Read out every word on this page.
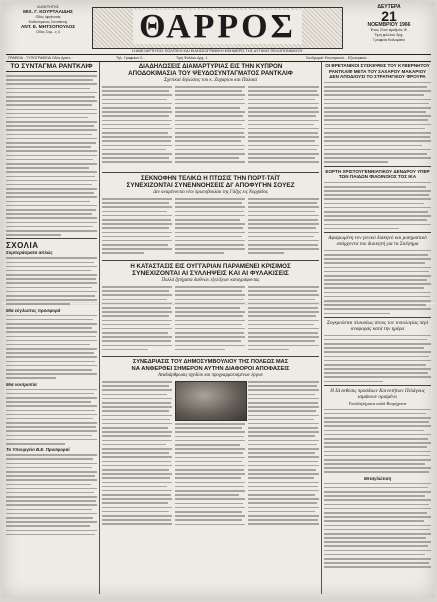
ΙΔΙΟΚΤΗΤΗΣ
ΜΙΧ. Γ. ΚΟΥΡΤΑΛΙΔΗΣ
Οδός Ιφιγένειας
Ευθυνόμενος Συντάκτης
ΑΝΤ. Ε. ΜΗΤΣΟΠΟΥΛΟΣ
Οδός Συμ...ς 4	ΘΑΡΡΟΣ
ΔΕΥΤΕΡΑ
21
ΝΟΕΜΒΡΙΟΥ 1966
Έτος 21ον Αριθμός Φ.
Τιμή φύλλου δρχ.
Γραφεία Καλαμάτα
Η ΑΝΕΞΑΡΤΗΤΟΣ ΠΟΛΙΤΙΚΗ ΚΑΙ ΕΙΔΗΣΕΟΓΡΑΦΙΚΗ ΕΦΗΜΕΡΙΣ ΤΗΣ ΔΥΤΙΚΗΣ ΠΕΛΟΠΟΝΝΗΣΟΥ
ΓΡΑΦΕΙΑ - ΤΥΠΟΓΡΑΦΕΙΑ Οδός Αρίστ...	Τηλ. Γραφείων 2...	Τιμή Φύλλου Δρχ. 1	Συνδρομαί: Εσωτερικού... Εξωτερικού...
ΤΟ ΣΥΝΤΑΓΜΑ ΡΑΝΤΚΛΙΦ
ΣΧΟΛΙΑ
Συμπεράσματα απλώς
Μία εύγλωττος προσφορά
Μια νοοτροπία
Το Υπουργείο Β.Ε. Προσφοραί
ΔΙΑΔΗΛΩΣΕΙΣ ΔΙΑΜΑΡΤΥΡΙΑΣ ΕΙΣ ΤΗΝ ΚΥΠΡΟΝ
ΑΠΟΔΟΚΙΜΑΣΙΑ ΤΟΥ ΨΕΥΔΟΣΥΝΤΑΓΜΑΤΟΣ ΡΑΝΤΚΛΙΦ
Σχετικαί δηλώσεις του κ. Ζαχαρίου και Παλαιά
ΣΕΚΝΟΦΗΝ ΤΕΛΙΚΩ Η ΠΤΩΣΙΣ ΤΗΝ ΠΟΡΤ-ΤΑΪΤ
ΣΥΝΕΧΙΖΟΝΤΑΙ ΣΥΝΕΝΝΟΗΣΕΙΣ ΔΙ' ΑΠΟΦΥΓΗΝ ΣΟΥΕΖ
Δεν αναμένονται νέοι πρωτοβουλίαι της Γάζης εις Νορχάδος
Η ΚΑΤΑΣΤΑΣΙΣ ΕΙΣ ΟΥΓΓΑΡΙΑΝ ΠΑΡΑΜΕΝΕΙ ΚΡΙΣΙΜΟΣ
ΣΥΝΕΧΙΖΟΝΤΑΙ ΑΙ ΣΥΛΛΗΨΕΙΣ ΚΑΙ ΑΙ ΦΥΛΑΚΙΣΕΙΣ
Πολλά ζητήματα διεθνών εξελίξεων καταγράφοντας
ΣΥΝΕΔΡΙΑΣΙΣ ΤΟΥ ΔΗΜΟΣΥΜΒΟΥΛΙΟΥ ΤΗΣ ΠΟΛΕΩΣ ΜΑΣ
ΝΑ ΑΝΦΕΡΘΕΙ ΣΗΜΕΡΟΝ ΑΥΤΗΝ ΔΙΑΦΟΡΟΙ ΑΠΟΦΑΣΕΙΣ
Αναδιάρθρωσις σχεδίου και προγραμματισμένων έργων
ΟΙ ΒΡΕΤΑΝΙΚΟΙ ΣΥΣΚΕΨΕΙΣ ΤΟΥ ΚΥΒΕΡΝΗΤΟΥ ΡΑΝΤΚΛΙΦ ΜΕΤΑ ΤΟΥ ΣΑΧΑΡΟΥ ΜΑΚΑΡΙΟΥ ΔΕΝ ΑΠΟΔΙΟΥΣΙ ΤΟ ΣΤΡΑΤΗΓΙΚΟΥ ΦΡΟΥΡΑ
ΕΟΡΤΗ ΧΡΙΣΤΟΥΓΕΝΝΙΑΤΙΚΟΥ ΔΕΝΔΡΟΥ ΥΠΕΡ ΤΩΝ ΠΑΙΔΩΝ ΦΙΛΟΙΝΟΙΟΣ ΤΟΣ ΙΚΑ
Αφιερωμένη τον γενικό δισκηνό και μισηριστικό υπάρχοντα του διοικητή για τα Σκέψημα
Συγκρούεται πλουσίως στους τον τοπολογίας περί αναφοράς κατά την ημέρα
Η ΙΔ εκθεσις προσδιων Κοινοτήτων Πελάγους ισμάκουν ορισμένο
Υπαλληλήματα καλά Βιομήχανα
Μεταγλώτιση
